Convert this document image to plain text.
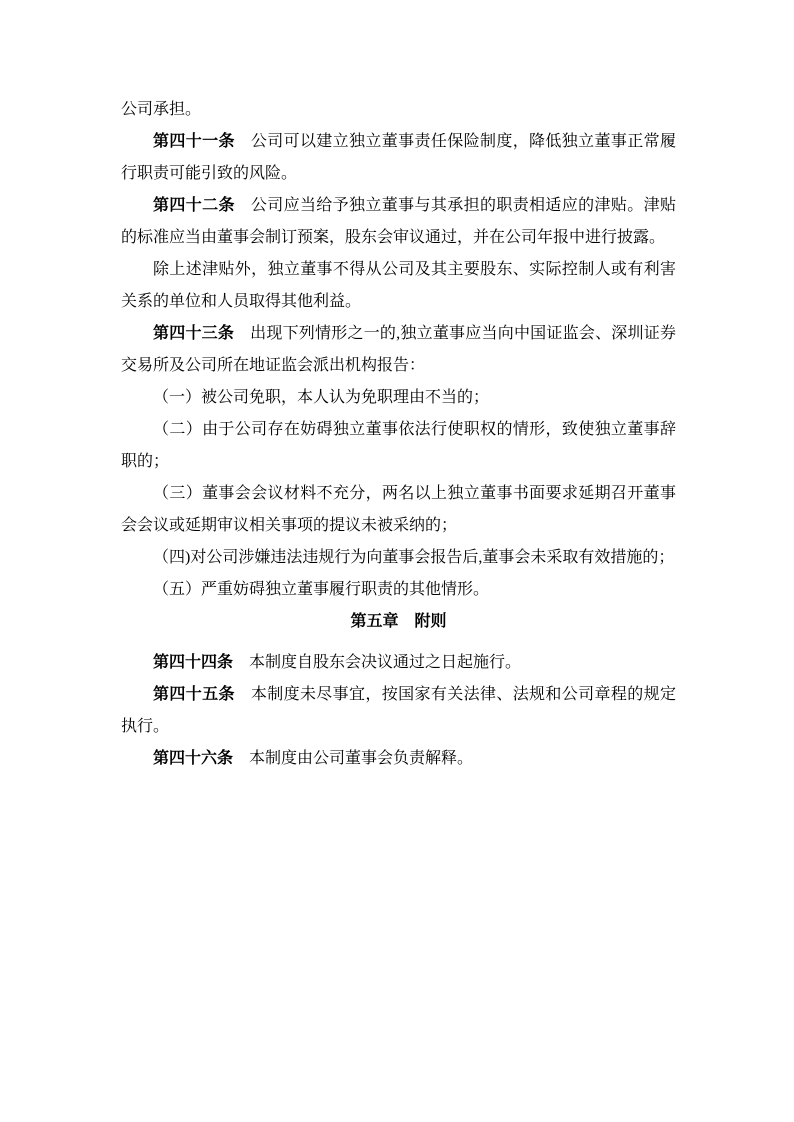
公司承担。

第四十一条 公司可以建立独立董事责任保险制度，降低独立董事正常履行职责可能引致的风险。

第四十二条 公司应当给予独立董事与其承担的职责相适应的津贴。津贴的标准应当由董事会制订预案，股东会审议通过，并在公司年报中进行披露。

除上述津贴外，独立董事不得从公司及其主要股东、实际控制人或有利害关系的单位和人员取得其他利益。

第四十三条 出现下列情形之一的,独立董事应当向中国证监会、深圳证券交易所及公司所在地证监会派出机构报告：

（一）被公司免职，本人认为免职理由不当的；

（二）由于公司存在妨碍独立董事依法行使职权的情形，致使独立董事辞职的；

（三）董事会会议材料不充分，两名以上独立董事书面要求延期召开董事会会议或延期审议相关事项的提议未被采纳的；

（四)对公司涉嫌违法违规行为向董事会报告后,董事会未采取有效措施的；

（五）严重妨碍独立董事履行职责的其他情形。

第五章　附则

第四十四条 本制度自股东会决议通过之日起施行。

第四十五条 本制度未尽事宜，按国家有关法律、法规和公司章程的规定执行。

第四十六条 本制度由公司董事会负责解释。
